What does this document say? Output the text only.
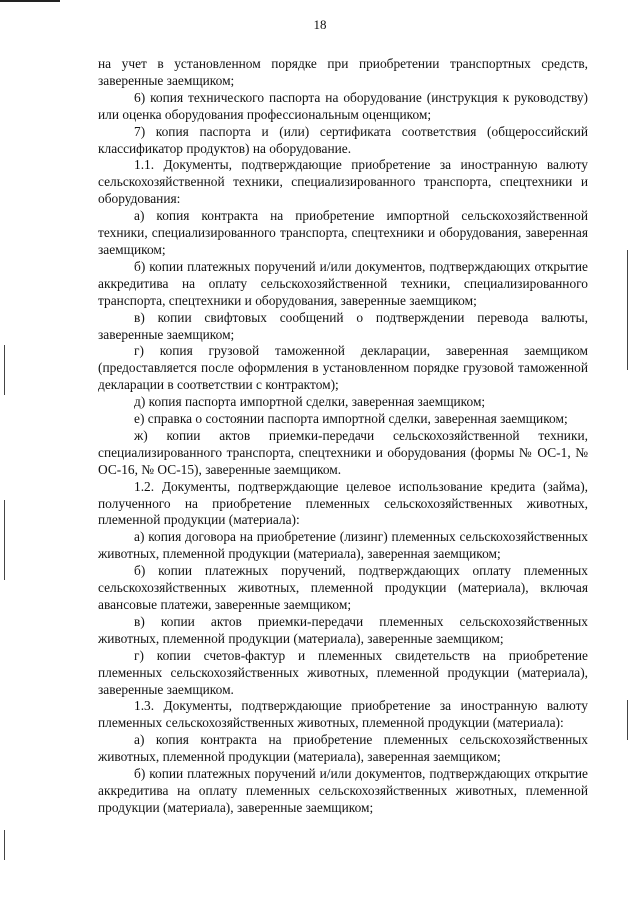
18

на учет в установленном порядке при приобретении транспортных средств, заверенные заемщиком;

6) копия технического паспорта на оборудование (инструкция к руководству) или оценка оборудования профессиональным оценщиком;

7) копия паспорта и (или) сертификата соответствия (общероссийский классификатор продуктов) на оборудование.

1.1. Документы, подтверждающие приобретение за иностранную валюту сельскохозяйственной техники, специализированного транспорта, спецтехники и оборудования:

а) копия контракта на приобретение импортной сельскохозяйственной техники, специализированного транспорта, спецтехники и оборудования, заверенная заемщиком;

б) копии платежных поручений и/или документов, подтверждающих открытие аккредитива на оплату сельскохозяйственной техники, специализированного транспорта, спецтехники и оборудования, заверенные заемщиком;

в) копии свифтовых сообщений о подтверждении перевода валюты, заверенные заемщиком;

г) копия грузовой таможенной декларации, заверенная заемщиком (предоставляется после оформления в установленном порядке грузовой таможенной декларации в соответствии с контрактом);

д) копия паспорта импортной сделки, заверенная заемщиком;

е) справка о состоянии паспорта импортной сделки, заверенная заемщиком;

ж) копии актов приемки-передачи сельскохозяйственной техники, специализированного транспорта, спецтехники и оборудования (формы № ОС-1, № ОС-16, № ОС-15), заверенные заемщиком.

1.2. Документы, подтверждающие целевое использование кредита (займа), полученного на приобретение племенных сельскохозяйственных животных, племенной продукции (материала):

а) копия договора на приобретение (лизинг) племенных сельскохозяйственных животных, племенной продукции (материала), заверенная заемщиком;

б) копии платежных поручений, подтверждающих оплату племенных сельскохозяйственных животных, племенной продукции (материала), включая авансовые платежи, заверенные заемщиком;

в) копии актов приемки-передачи племенных сельскохозяйственных животных, племенной продукции (материала), заверенные заемщиком;

г) копии счетов-фактур и племенных свидетельств на приобретение племенных сельскохозяйственных животных, племенной продукции (материала), заверенные заемщиком.

1.3. Документы, подтверждающие приобретение за иностранную валюту племенных сельскохозяйственных животных, племенной продукции (материала):

а) копия контракта на приобретение племенных сельскохозяйственных животных, племенной продукции (материала), заверенная заемщиком;

б) копии платежных поручений и/или документов, подтверждающих открытие аккредитива на оплату племенных сельскохозяйственных животных, племенной продукции (материала), заверенные заемщиком;
